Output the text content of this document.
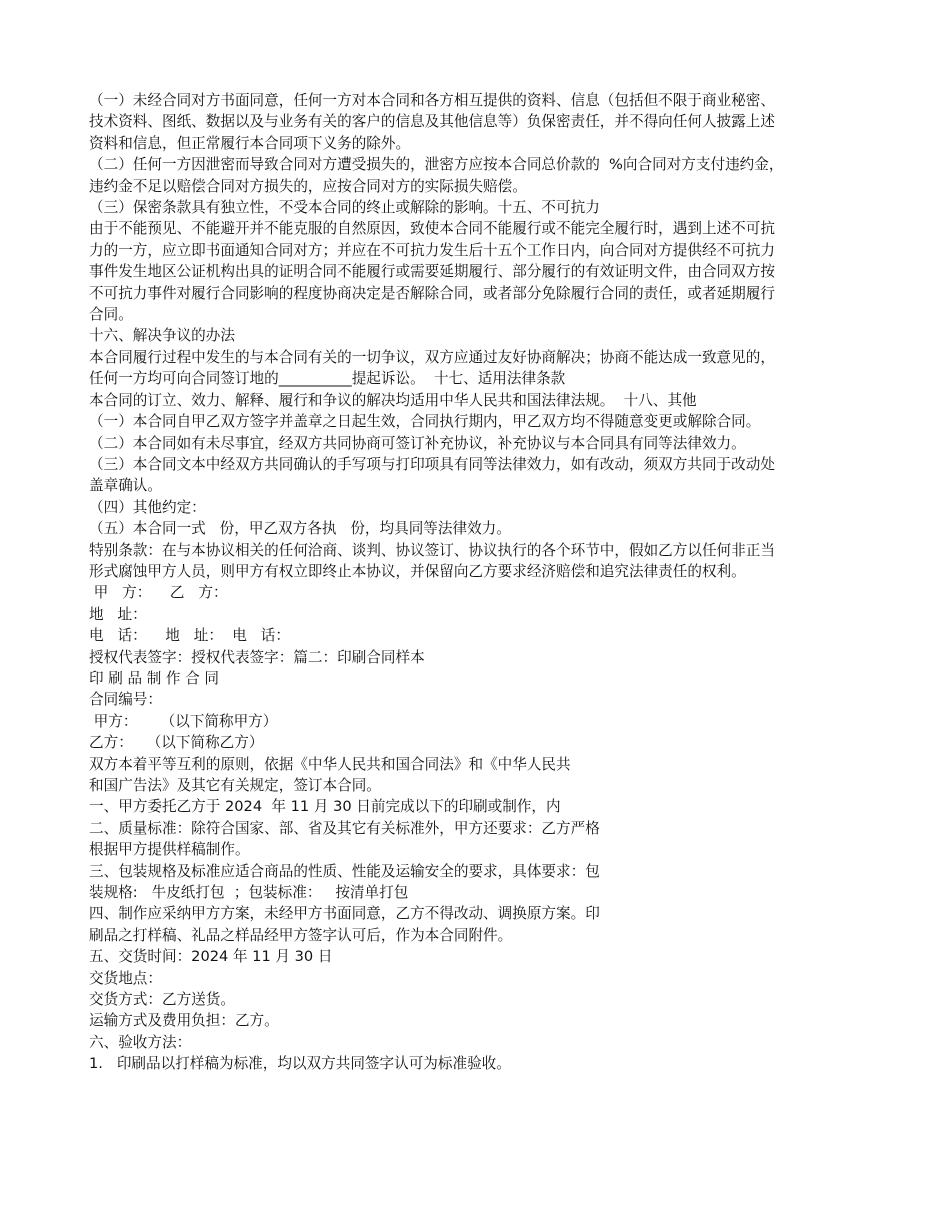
（一）未经合同对方书面同意，任何一方对本合同和各方相互提供的资料、信息（包括但不限于商业秘密、
技术资料、图纸、数据以及与业务有关的客户的信息及其他信息等）负保密责任，并不得向任何人披露上述
资料和信息，但正常履行本合同项下义务的除外。
（二）任何一方因泄密而导致合同对方遭受损失的，泄密方应按本合同总价款的  %向合同对方支付违约金，
违约金不足以赔偿合同对方损失的，应按合同对方的实际损失赔偿。
（三）保密条款具有独立性，不受本合同的终止或解除的影响。十五、不可抗力
由于不能预见、不能避开并不能克服的自然原因，致使本合同不能履行或不能完全履行时，遇到上述不可抗
力的一方，应立即书面通知合同对方；并应在不可抗力发生后十五个工作日内，向合同对方提供经不可抗力
事件发生地区公证机构出具的证明合同不能履行或需要延期履行、部分履行的有效证明文件，由合同双方按
不可抗力事件对履行合同影响的程度协商决定是否解除合同，或者部分免除履行合同的责任，或者延期履行
合同。
十六、解决争议的办法
本合同履行过程中发生的与本合同有关的一切争议，双方应通过友好协商解决；协商不能达成一致意见的，
任何一方均可向合同签订地的__________提起诉讼。  十七、适用法律条款
本合同的订立、效力、解释、履行和争议的解决均适用中华人民共和国法律法规。  十八、其他
（一）本合同自甲乙双方签字并盖章之日起生效，合同执行期内，甲乙双方均不得随意变更或解除合同。
（二）本合同如有未尽事宜，经双方共同协商可签订补充协议，补充协议与本合同具有同等法律效力。
（三）本合同文本中经双方共同确认的手写项与打印项具有同等法律效力，如有改动，须双方共同于改动处
盖章确认。
（四）其他约定：
（五）本合同一式   份，甲乙双方各执   份，均具同等法律效力。
特别条款：在与本协议相关的任何洽商、谈判、协议签订、协议执行的各个环节中，假如乙方以任何非正当
形式腐蚀甲方人员，则甲方有权立即终止本协议，并保留向乙方要求经济赔偿和追究法律责任的权利。
甲   方：    乙   方：
地   址：
电   话：    地   址：  电   话：
授权代表签字：授权代表签字：篇二：印刷合同样本
印 刷 品 制 作 合 同
合同编号：
甲方：     （以下简称甲方）
乙方：   （以下简称乙方）
双方本着平等互利的原则，依据《中华人民共和国合同法》和《中华人民共
和国广告法》及其它有关规定，签订本合同。
一、甲方委托乙方于 2024  年 11 月 30 日前完成以下的印刷或制作，内
二、质量标准：除符合国家、部、省及其它有关标准外，甲方还要求：乙方严格
根据甲方提供样稿制作。
三、包装规格及标准应适合商品的性质、性能及运输安全的要求，具体要求：包
装规格:   牛皮纸打包  ；包装标准：   按清单打包
四、制作应采纳甲方方案，未经甲方书面同意，乙方不得改动、调换原方案。印
刷品之打样稿、礼品之样品经甲方签字认可后，作为本合同附件。
五、交货时间：2024 年 11 月 30 日
交货地点：
交货方式：乙方送货。
运输方式及费用负担：乙方。
六、验收方法：
1.   印刷品以打样稿为标准，均以双方共同签字认可为标准验收。
